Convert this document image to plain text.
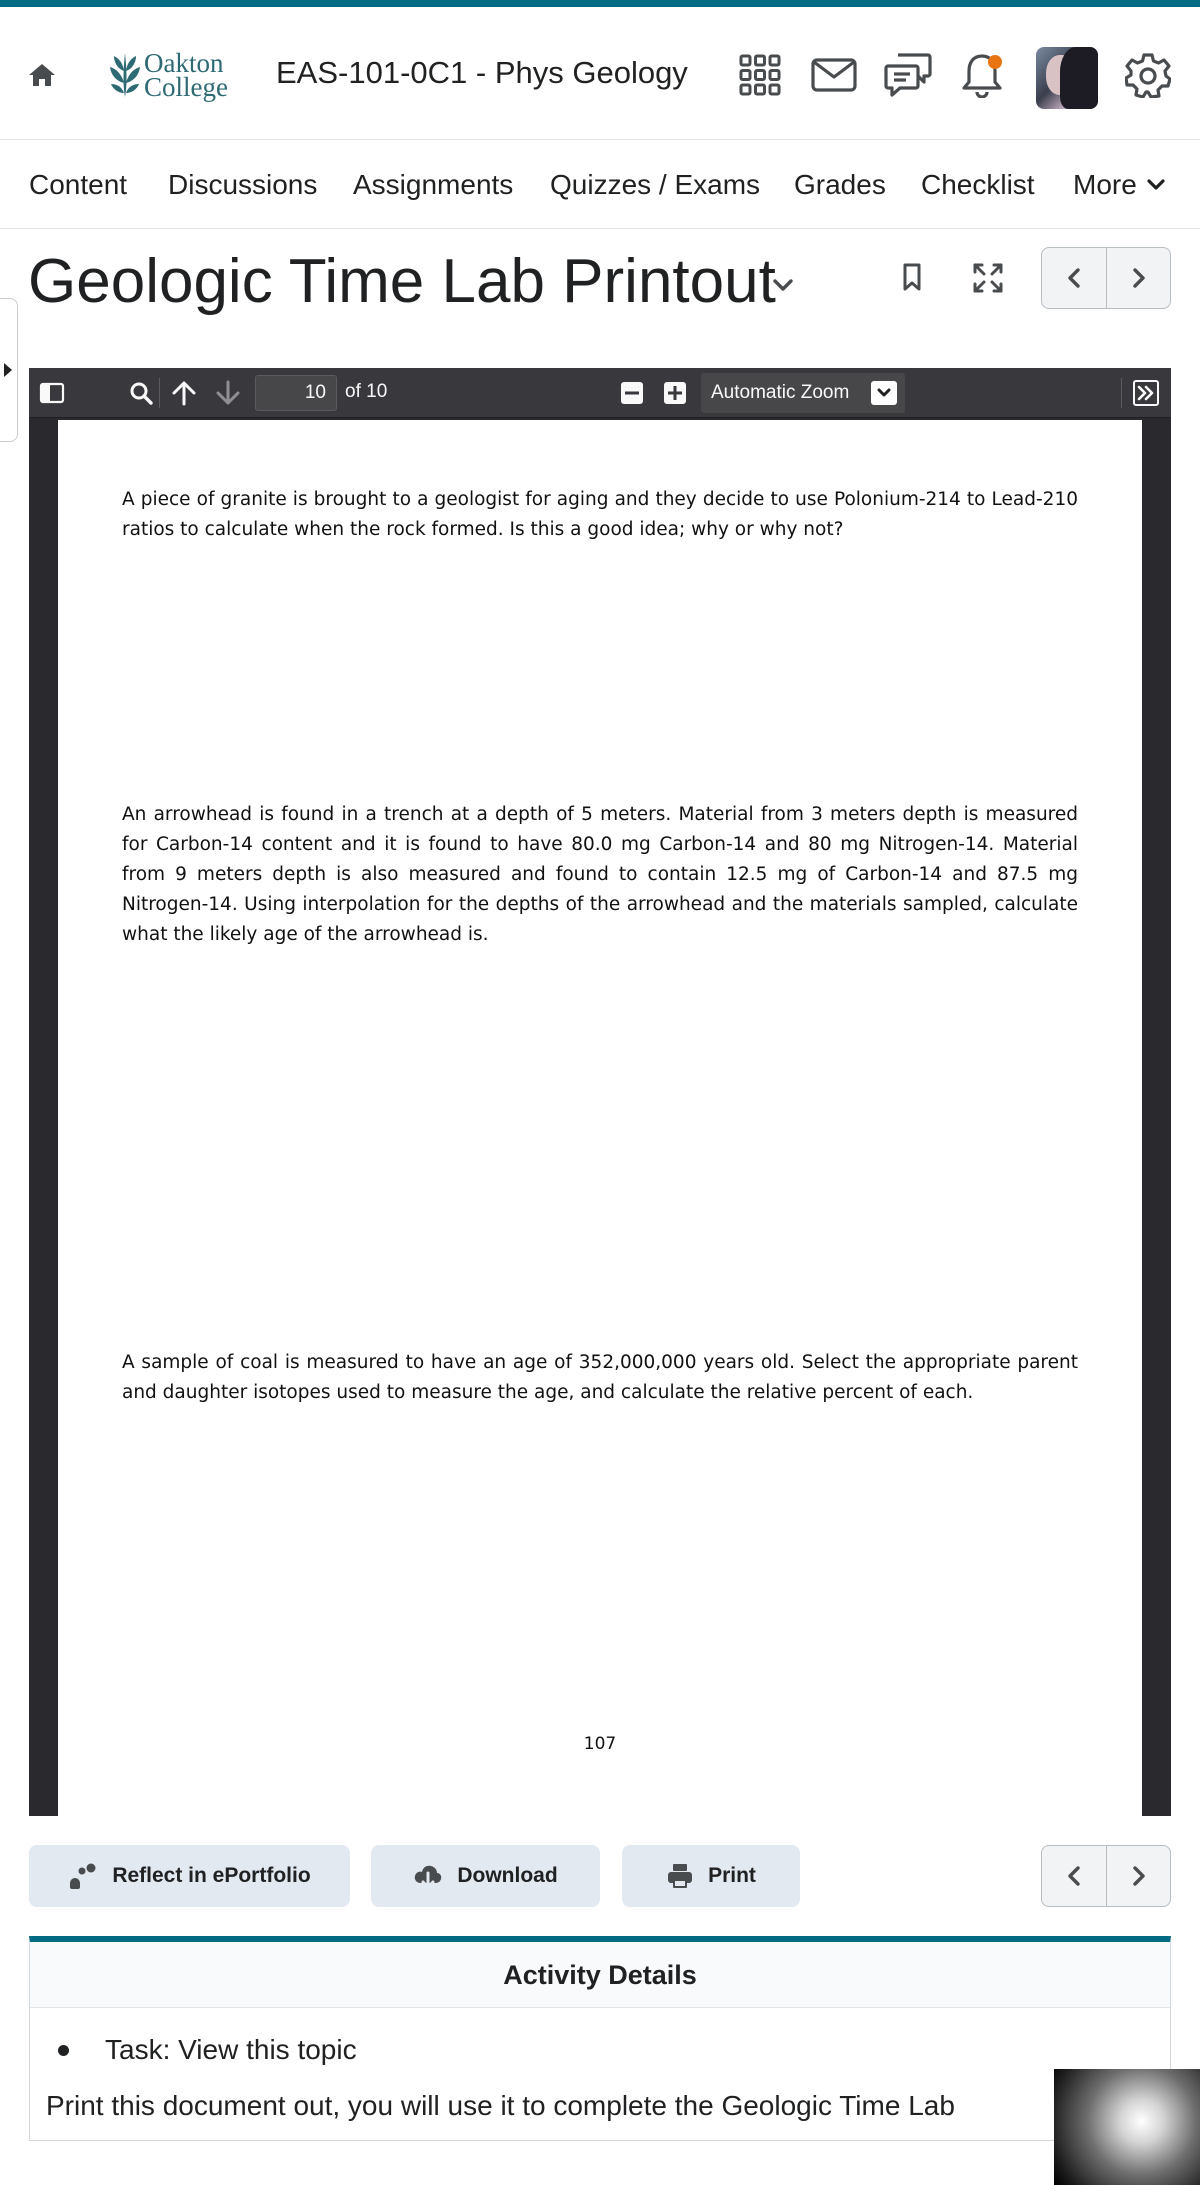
Oakton
College EAS-101-0C1 - Phys Geology
Content Discussions Assignments Quizzes / Exams Grades Checklist More
Geologic Time Lab Printout
10	of 10	Automatic Zoom
A piece of granite is brought to a geologist for aging and they decide to use Polonium-214 to Lead-210 ratios to calculate when the rock formed. Is this a good idea; why or why not?
An arrowhead is found in a trench at a depth of 5 meters. Material from 3 meters depth is measured for Carbon-14 content and it is found to have 80.0 mg Carbon-14 and 80 mg Nitrogen-14. Material from 9 meters depth is also measured and found to contain 12.5 mg of Carbon-14 and 87.5 mg Nitrogen-14. Using interpolation for the depths of the arrowhead and the materials sampled, calculate what the likely age of the arrowhead is.
A sample of coal is measured to have an age of 352,000,000 years old. Select the appropriate parent and daughter isotopes used to measure the age, and calculate the relative percent of each.
107
Reflect in ePortfolio	Download	Print
Activity Details
Task: View this topic
Print this document out, you will use it to complete the Geologic Time Lab
